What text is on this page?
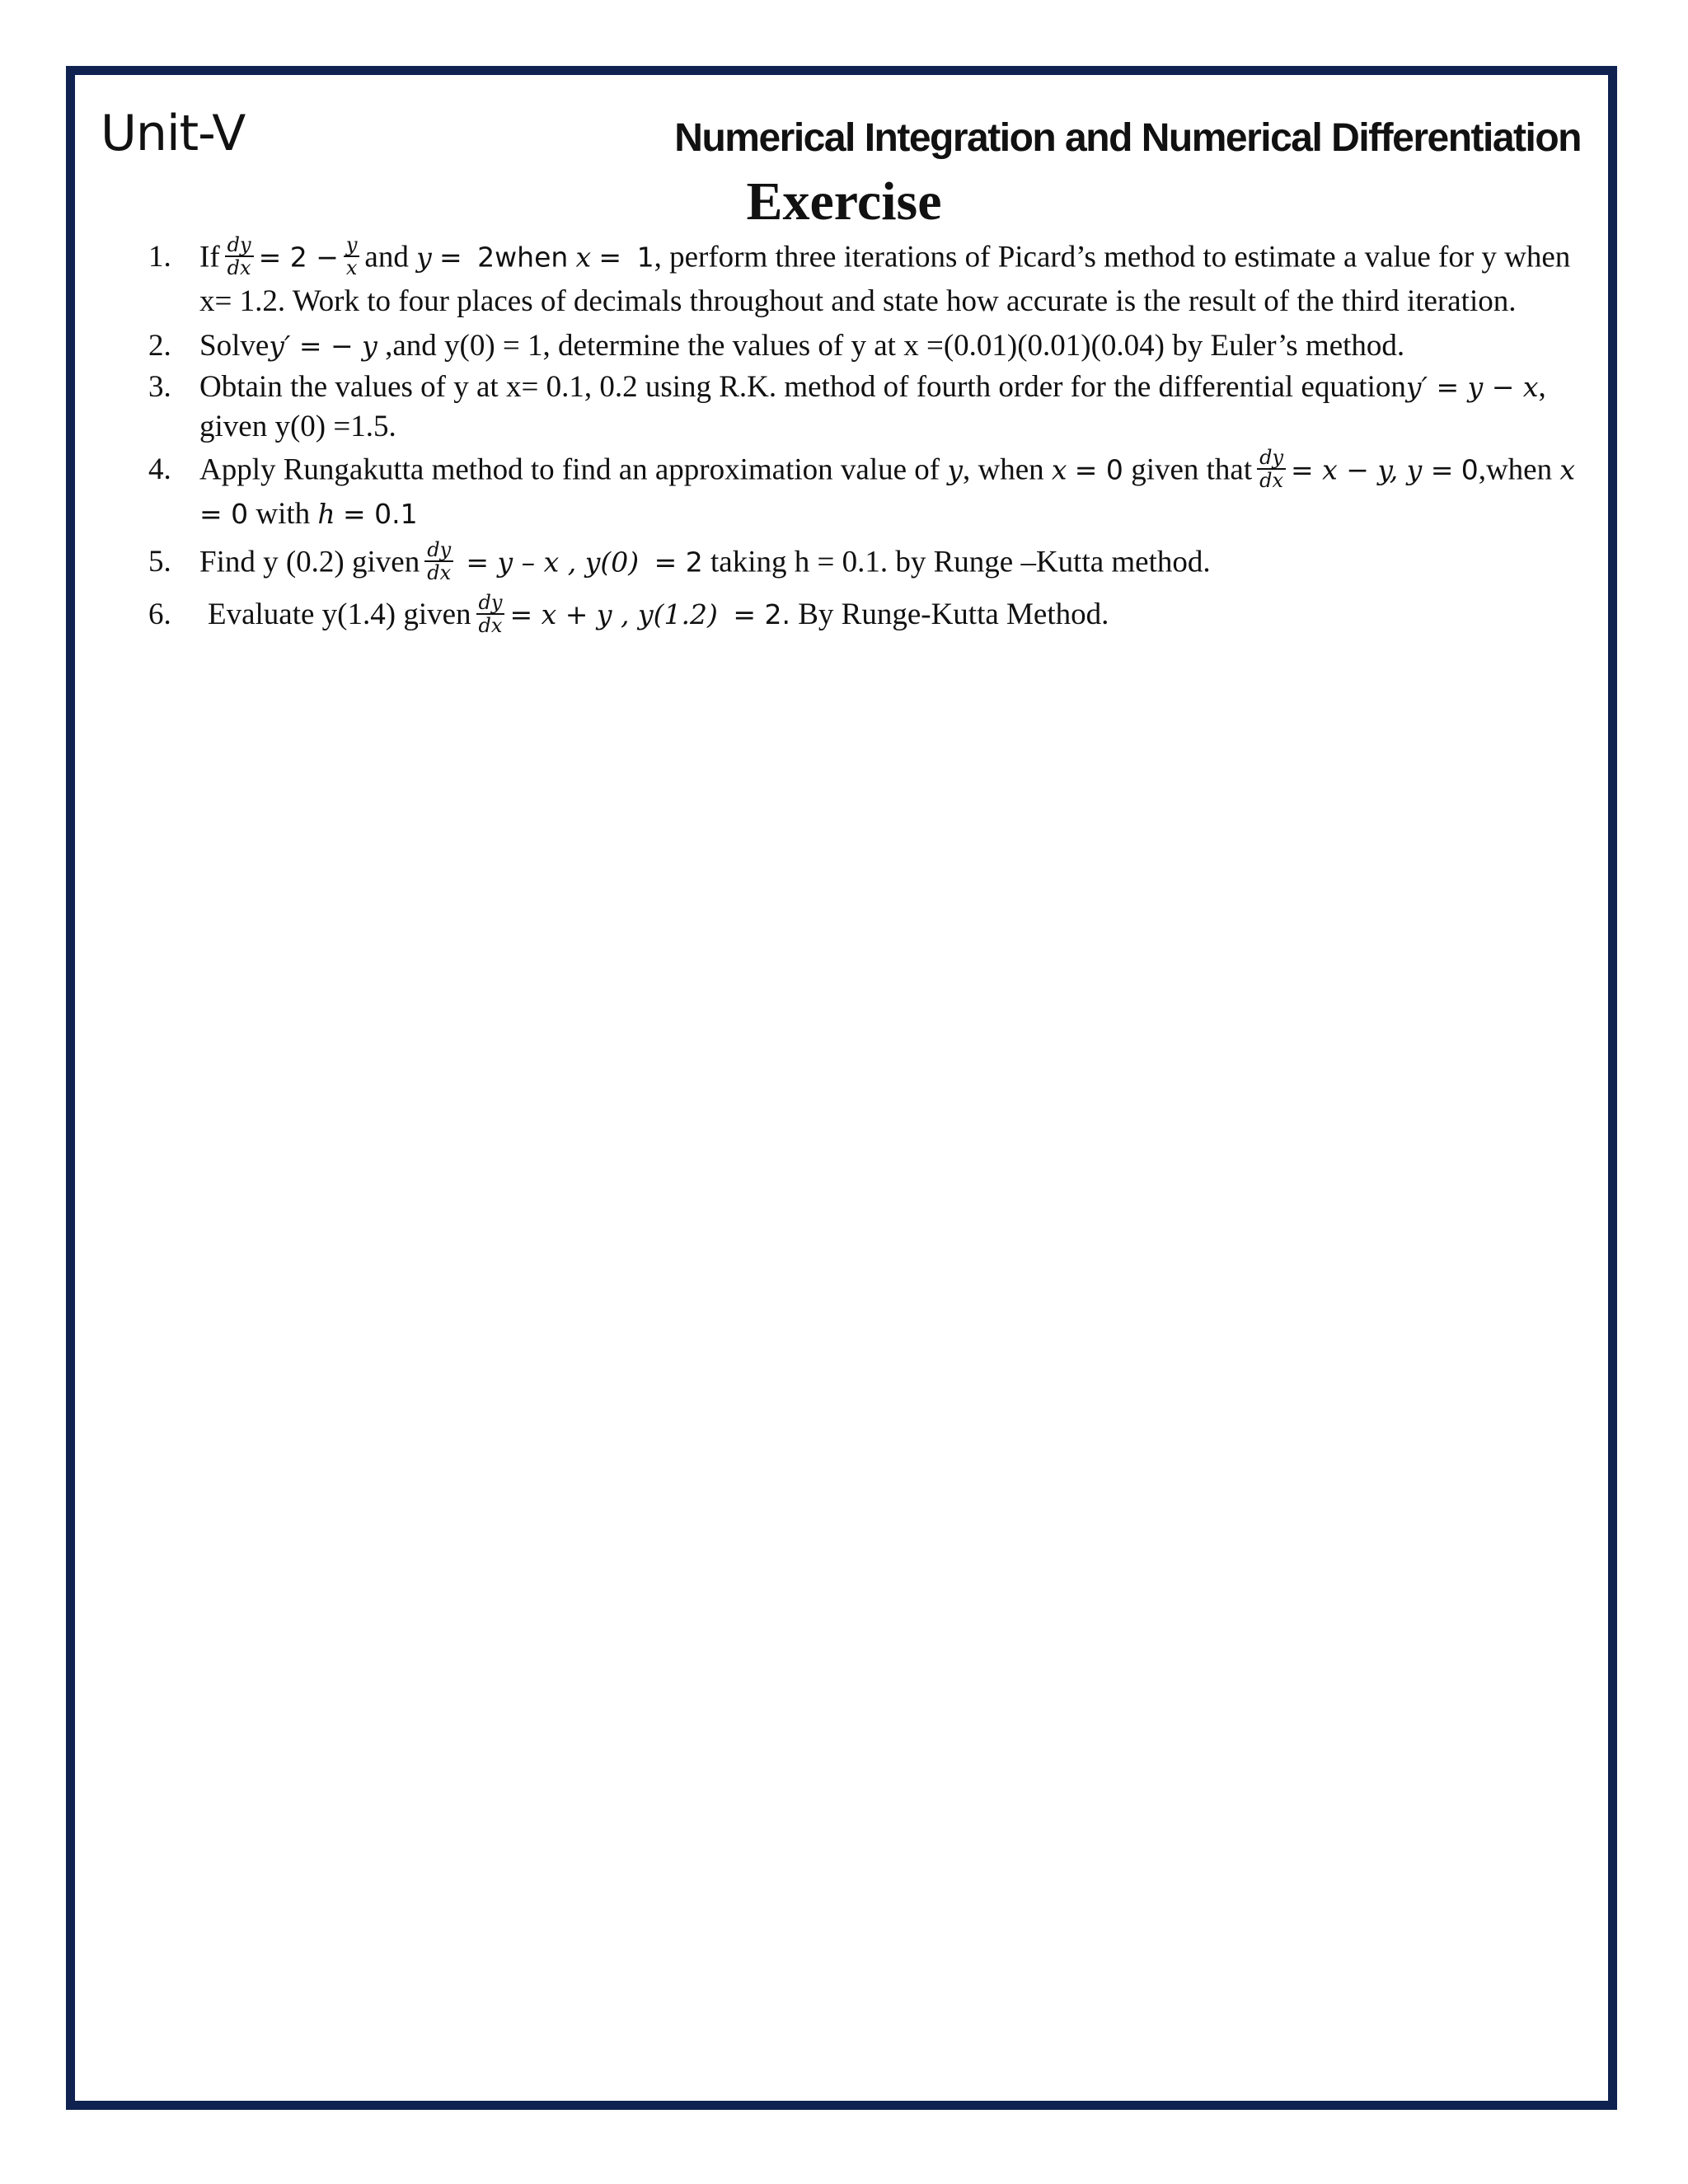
Unit-V	Numerical Integration and Numerical Differentiation
Exercise
1. If $\frac{dy}{dx} = 2 - \frac{y}{x}$ and y = 2when x = 1, perform three iterations of Picard’s method to estimate a value for y when x= 1.2. Work to four places of decimals throughout and state how accurate is the result of the third iteration.
2. Solvey′ = − y ,and y(0) = 1, determine the values of y at x =(0.01)(0.01)(0.04) by Euler’s method.
3. Obtain the values of y at x= 0.1, 0.2 using R.K. method of fourth order for the differential equationy′ = y − x, given y(0) =1.5.
4. Apply Rungakutta method to find an approximation value of y, when x = 0 given that $\frac{dy}{dx} = x - y$, y = 0,when x = 0 with h = 0.1
5. Find y (0.2) given $\frac{dy}{dx} = y - x$ , y(0) = 2 taking h = 0.1. by Runge –Kutta method.
6. Evaluate y(1.4) given $\frac{dy}{dx} = x + y$ , y(1.2) = 2. By Runge-Kutta Method.
